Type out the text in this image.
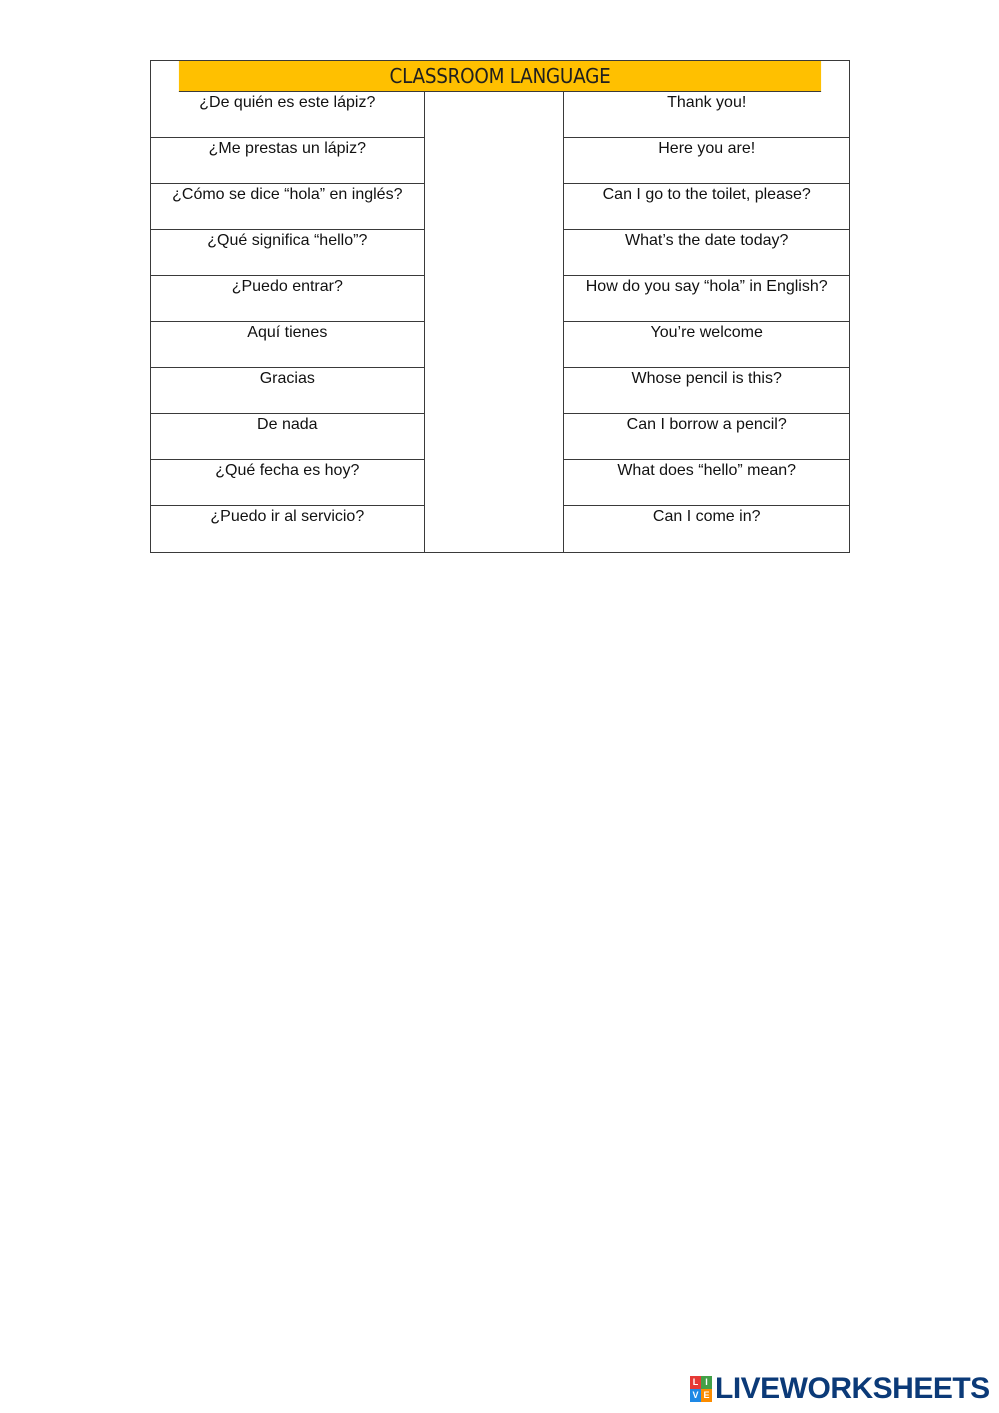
CLASSROOM LANGUAGE
¿De quién es este lápiz?
¿Me prestas un lápiz?
¿Cómo se dice “hola” en inglés?
¿Qué significa “hello”?
¿Puedo entrar?
Aquí tienes
Gracias
De nada
¿Qué fecha es hoy?
¿Puedo ir al servicio?
Thank you!
Here you are!
Can I go to the toilet, please?
What’s the date today?
How do you say “hola” in English?
You’re welcome
Whose pencil is this?
Can I borrow a pencil?
What does “hello” mean?
Can I come in?
L I
V E LIVEWORKSHEETS
